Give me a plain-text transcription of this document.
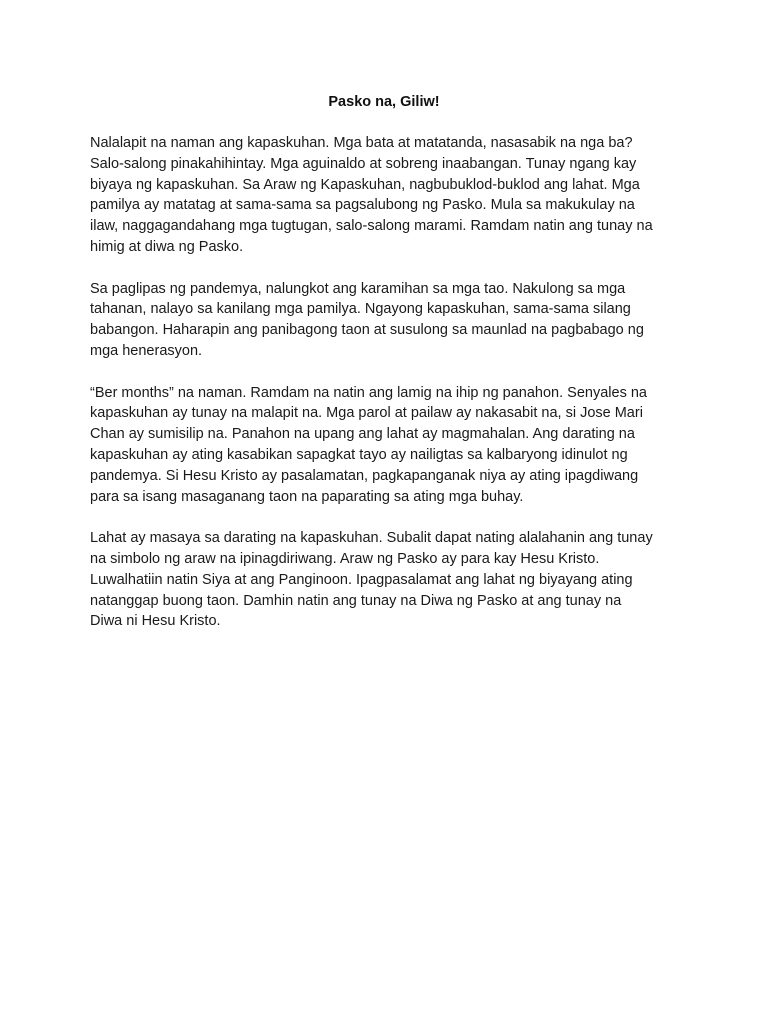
Pasko na, Giliw!

Nalalapit na naman ang kapaskuhan. Mga bata at matatanda, nasasabik na nga ba?
Salo-salong pinakahihintay. Mga aguinaldo at sobreng inaabangan. Tunay ngang kay
biyaya ng kapaskuhan. Sa Araw ng Kapaskuhan, nagbubuklod-buklod ang lahat. Mga
pamilya ay matatag at sama-sama sa pagsalubong ng Pasko. Mula sa makukulay na
ilaw, naggagandahang mga tugtugan, salo-salong marami. Ramdam natin ang tunay na
himig at diwa ng Pasko.

Sa paglipas ng pandemya, nalungkot ang karamihan sa mga tao. Nakulong sa mga
tahanan, nalayo sa kanilang mga pamilya. Ngayong kapaskuhan, sama-sama silang
babangon. Haharapin ang panibagong taon at susulong sa maunlad na pagbabago ng
mga henerasyon.

“Ber months” na naman. Ramdam na natin ang lamig na ihip ng panahon. Senyales na
kapaskuhan ay tunay na malapit na. Mga parol at pailaw ay nakasabit na, si Jose Mari
Chan ay sumisilip na. Panahon na upang ang lahat ay magmahalan. Ang darating na
kapaskuhan ay ating kasabikan sapagkat tayo ay nailigtas sa kalbaryong idinulot ng
pandemya. Si Hesu Kristo ay pasalamatan, pagkapanganak niya ay ating ipagdiwang
para sa isang masaganang taon na paparating sa ating mga buhay.

Lahat ay masaya sa darating na kapaskuhan. Subalit dapat nating alalahanin ang tunay
na simbolo ng araw na ipinagdiriwang. Araw ng Pasko ay para kay Hesu Kristo.
Luwalhatiin natin Siya at ang Panginoon. Ipagpasalamat ang lahat ng biyayang ating
natanggap buong taon. Damhin natin ang tunay na Diwa ng Pasko at ang tunay na
Diwa ni Hesu Kristo.
